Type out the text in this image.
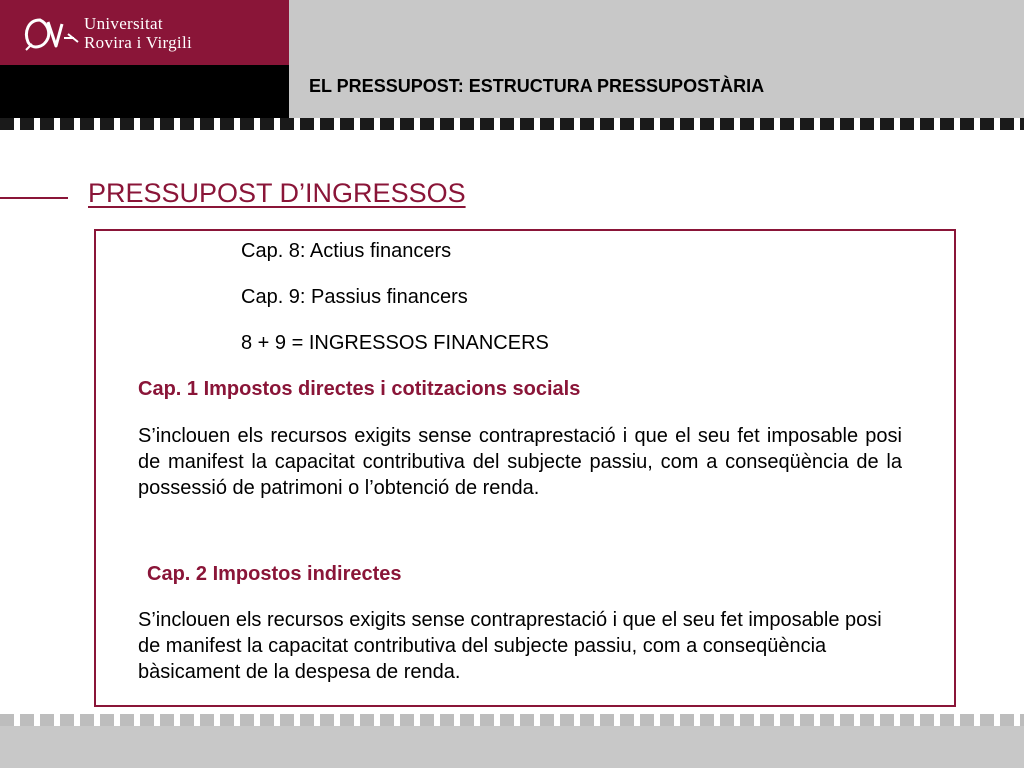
Universitat
Rovira i Virgili
EL PRESSUPOST: ESTRUCTURA PRESSUPOSTÀRIA
PRESSUPOST D’INGRESSOS
Cap. 8: Actius financers
Cap. 9: Passius financers
8 + 9 = INGRESSOS FINANCERS
Cap. 1 Impostos directes i cotitzacions socials

S’inclouen els recursos exigits sense contraprestació i que el seu fet imposable posi de manifest la capacitat contributiva del subjecte passiu, com a conseqüència de la possessió de patrimoni o l’obtenció de renda.

Cap. 2 Impostos indirectes

S’inclouen els recursos exigits sense contraprestació i que el seu fet imposable posi de manifest la capacitat contributiva del subjecte passiu, com a conseqüència bàsicament de la despesa de renda.
